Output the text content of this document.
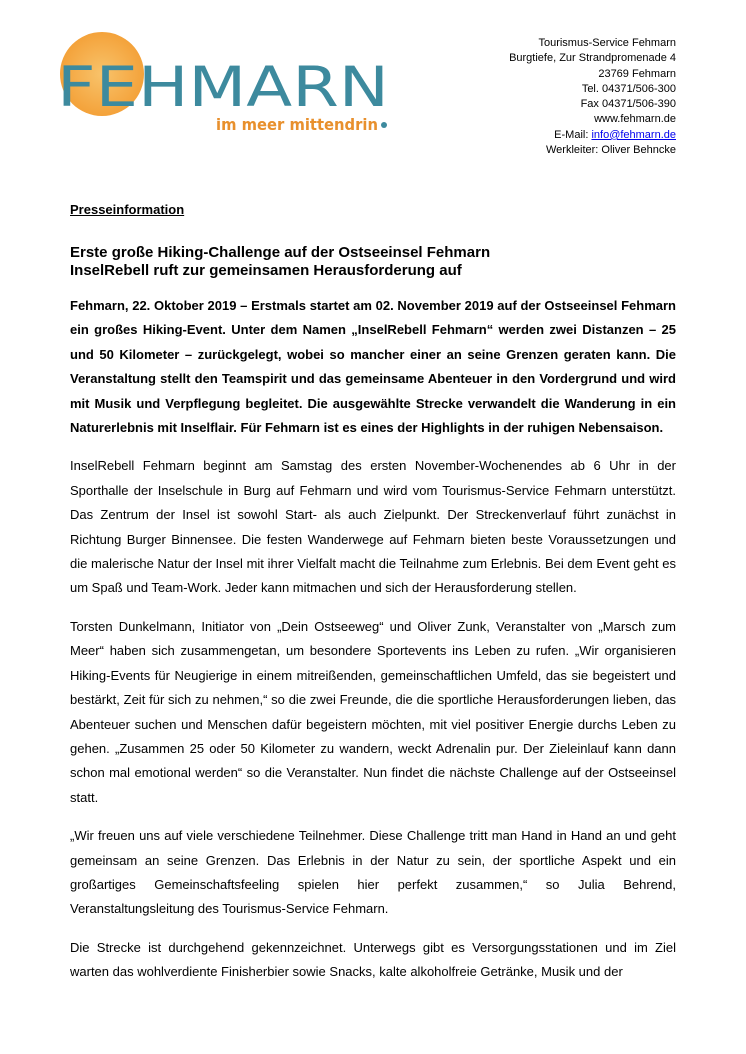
FEHMARN
im meer mittendrin
Tourismus-Service Fehmarn
Burgtiefe, Zur Strandpromenade 4
23769 Fehmarn
Tel. 04371/506-300
Fax 04371/506-390
www.fehmarn.de
E-Mail: info@fehmarn.de
Werkleiter: Oliver Behncke

Presseinformation

Erste große Hiking-Challenge auf der Ostseeinsel Fehmarn
InselRebell ruft zur gemeinsamen Herausforderung auf

Fehmarn, 22. Oktober 2019 – Erstmals startet am 02. November 2019 auf der Ostseeinsel Fehmarn ein großes Hiking-Event. Unter dem Namen „InselRebell Fehmarn“ werden zwei Distanzen – 25 und 50 Kilometer – zurückgelegt, wobei so mancher einer an seine Grenzen geraten kann. Die Veranstaltung stellt den Teamspirit und das gemeinsame Abenteuer in den Vordergrund und wird mit Musik und Verpflegung begleitet. Die ausgewählte Strecke verwandelt die Wanderung in ein Naturerlebnis mit Inselflair. Für Fehmarn ist es eines der Highlights in der ruhigen Nebensaison.

InselRebell Fehmarn beginnt am Samstag des ersten November-Wochenendes ab 6 Uhr in der Sporthalle der Inselschule in Burg auf Fehmarn und wird vom Tourismus-Service Fehmarn unterstützt. Das Zentrum der Insel ist sowohl Start- als auch Zielpunkt. Der Streckenverlauf führt zunächst in Richtung Burger Binnensee. Die festen Wanderwege auf Fehmarn bieten beste Voraussetzungen und die malerische Natur der Insel mit ihrer Vielfalt macht die Teilnahme zum Erlebnis. Bei dem Event geht es um Spaß und Team-Work. Jeder kann mitmachen und sich der Herausforderung stellen.

Torsten Dunkelmann, Initiator von „Dein Ostseeweg“ und Oliver Zunk, Veranstalter von „Marsch zum Meer“ haben sich zusammengetan, um besondere Sportevents ins Leben zu rufen. „Wir organisieren Hiking-Events für Neugierige in einem mitreißenden, gemeinschaftlichen Umfeld, das sie begeistert und bestärkt, Zeit für sich zu nehmen,“ so die zwei Freunde, die die sportliche Herausforderungen lieben, das Abenteuer suchen und Menschen dafür begeistern möchten, mit viel positiver Energie durchs Leben zu gehen. „Zusammen 25 oder 50 Kilometer zu wandern, weckt Adrenalin pur. Der Zieleinlauf kann dann schon mal emotional werden“ so die Veranstalter. Nun findet die nächste Challenge auf der Ostseeinsel statt.

„Wir freuen uns auf viele verschiedene Teilnehmer. Diese Challenge tritt man Hand in Hand an und geht gemeinsam an seine Grenzen. Das Erlebnis in der Natur zu sein, der sportliche Aspekt und ein großartiges Gemeinschaftsfeeling spielen hier perfekt zusammen,“ so Julia Behrend, Veranstaltungsleitung des Tourismus-Service Fehmarn.

Die Strecke ist durchgehend gekennzeichnet. Unterwegs gibt es Versorgungsstationen und im Ziel warten das wohlverdiente Finisherbier sowie Snacks, kalte alkoholfreie Getränke, Musik und der
